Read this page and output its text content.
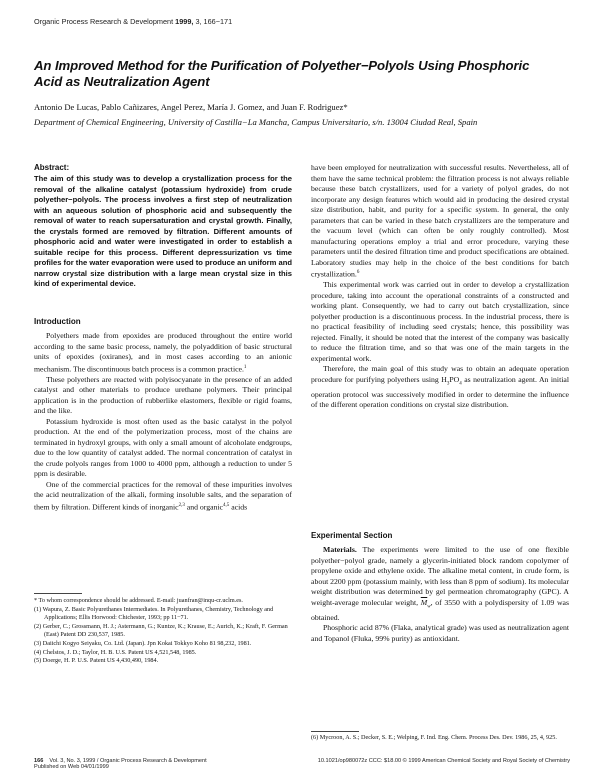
Organic Process Research & Development 1999, 3, 166−171
An Improved Method for the Purification of Polyether−Polyols Using Phosphoric Acid as Neutralization Agent
Antonio De Lucas, Pablo Cañizares, Angel Perez, María J. Gomez, and Juan F. Rodriguez*
Department of Chemical Engineering, University of Castilla−La Mancha, Campus Universitario, s/n. 13004 Ciudad Real, Spain
Abstract:
The aim of this study was to develop a crystallization process for the removal of the alkaline catalyst (potassium hydroxide) from crude polyether−polyols. The process involves a first step of neutralization with an aqueous solution of phosphoric acid and subsequently the removal of water to reach supersaturation and crystal growth. Finally, the crystals formed are removed by filtration. Different amounts of phosphoric acid and water were investigated in order to establish a suitable recipe for this process. Different depressurization vs time profiles for the water evaporation were used to produce an uniform and narrow crystal size distribution with a large mean crystal size in this kind of experimental device.
Introduction

Polyethers made from epoxides are produced throughout the entire world according to the same basic process, namely, the polyaddition of basic structural units of epoxides (oxiranes), and in most cases according to an anionic mechanism. The discontinuous batch process is a common practice.$^1$

These polyethers are reacted with polyisocyanate in the presence of an added catalyst and other materials to produce urethane polymers. Their principal application is in the production of rubberlike elastomers, flexible or rigid foams, and the like.

Potassium hydroxide is most often used as the basic catalyst in the polyol production. At the end of the polymerization process, most of the chains are terminated in hydroxyl groups, with only a small amount of alcoholate endgroups, due to the low quantity of catalyst added. The normal concentration of catalyst in the crude polyols ranges from 1000 to 4000 ppm, although a reduction to under 5 ppm is desirable.

One of the commercial practices for the removal of these impurities involves the acid neutralization of the alkali, forming insoluble salts, and the separation of them by filtration. Different kinds of inorganic$^{2,3}$ and organic$^{4,5}$ acids

* To whom correspondence should be addressed. E-mail: juanfran@inqu-cr.uclm.es.
(1) Wapura, Z. Basic Polyurethanes Intermediates. In Polyurethanes, Chemistry, Technology and Applications; Ellis Horwood: Chichester, 1993; pp 11−71.
(2) Gerber, C.; Grossmann, H. J.; Astermann, G.; Kuntze, K.; Krause, E.; Aurich, K.; Kraft, F. German (East) Patent DD 230,537, 1985.
(3) Daiichi Kogyo Seiyaku, Co. Ltd. (Japan). Jpn Kokai Tokkyo Koho 81 98,232, 1981.
(4) Chelstos, J. D.; Taylor, H. B. U.S. Patent US 4,521,548, 1985.
(5) Doerge, H. P. U.S. Patent US 4,430,490, 1984.

have been employed for neutralization with successful results. Nevertheless, all of them have the same technical problem: the filtration process is not always reliable because these batch crystallizers, used for a variety of polyol grades, do not incorporate any design features which would aid in producing the desired crystal size distribution, habit, and purity for a specific system. In general, the only parameters that can be varied in these batch crystallizers are the temperature and the vacuum level (which can often be only roughly controlled). Most manufacturing operations employ a trial and error procedure, varying these parameters until the desired filtration time and product specifications are obtained. Laboratory studies may help in the choice of the best conditions for batch crystallization.$^6$

This experimental work was carried out in order to develop a crystallization procedure, taking into account the operational constraints of a constructed and working plant. Consequently, we had to carry out batch crystallization, since polyether production is a discontinuous process. In the industrial process, there is no practical feasibility of including seed crystals; hence, this possibility was rejected. Finally, it should be noted that the interest of the company was basically to reduce the filtration time, and so that was one of the main targets in the experimental work.

Therefore, the main goal of this study was to obtain an adequate operation procedure for purifying polyethers using $H_3PO_4$ as neutralization agent. An initial operation protocol was successively modified in order to determine the influence of the different operation conditions on crystal size distribution.

Experimental Section

Materials. The experiments were limited to the use of one flexible polyether−polyol grade, namely a glycerin-initiated block random copolymer of propylene oxide and ethylene oxide. The alkaline metal content, in crude form, is about 2200 ppm (potassium mainly, with less than 8 ppm of sodium). Its molecular weight distribution was determined by gel permeation chromatography (GPC). A weight-average molecular weight, $\overline{M}_w$, of 3550 with a polydispersity of 1.09 was obtained.

Phosphoric acid 87% (Flaka, analytical grade) was used as neutralization agent and Topanol (Fluka, 99% purity) as antioxidant.

(6) Mycroon, A. S.; Decker, S. E.; Welping, F. Ind. Eng. Chem. Process Des. Dev. 1986, 25, 4, 925.
166 Vol. 3, No. 3, 1999 / Organic Process Research & Development
Published on Web 04/01/1999
10.1021/op980072z CCC: $18.00 © 1999 American Chemical Society and Royal Society of Chemistry
